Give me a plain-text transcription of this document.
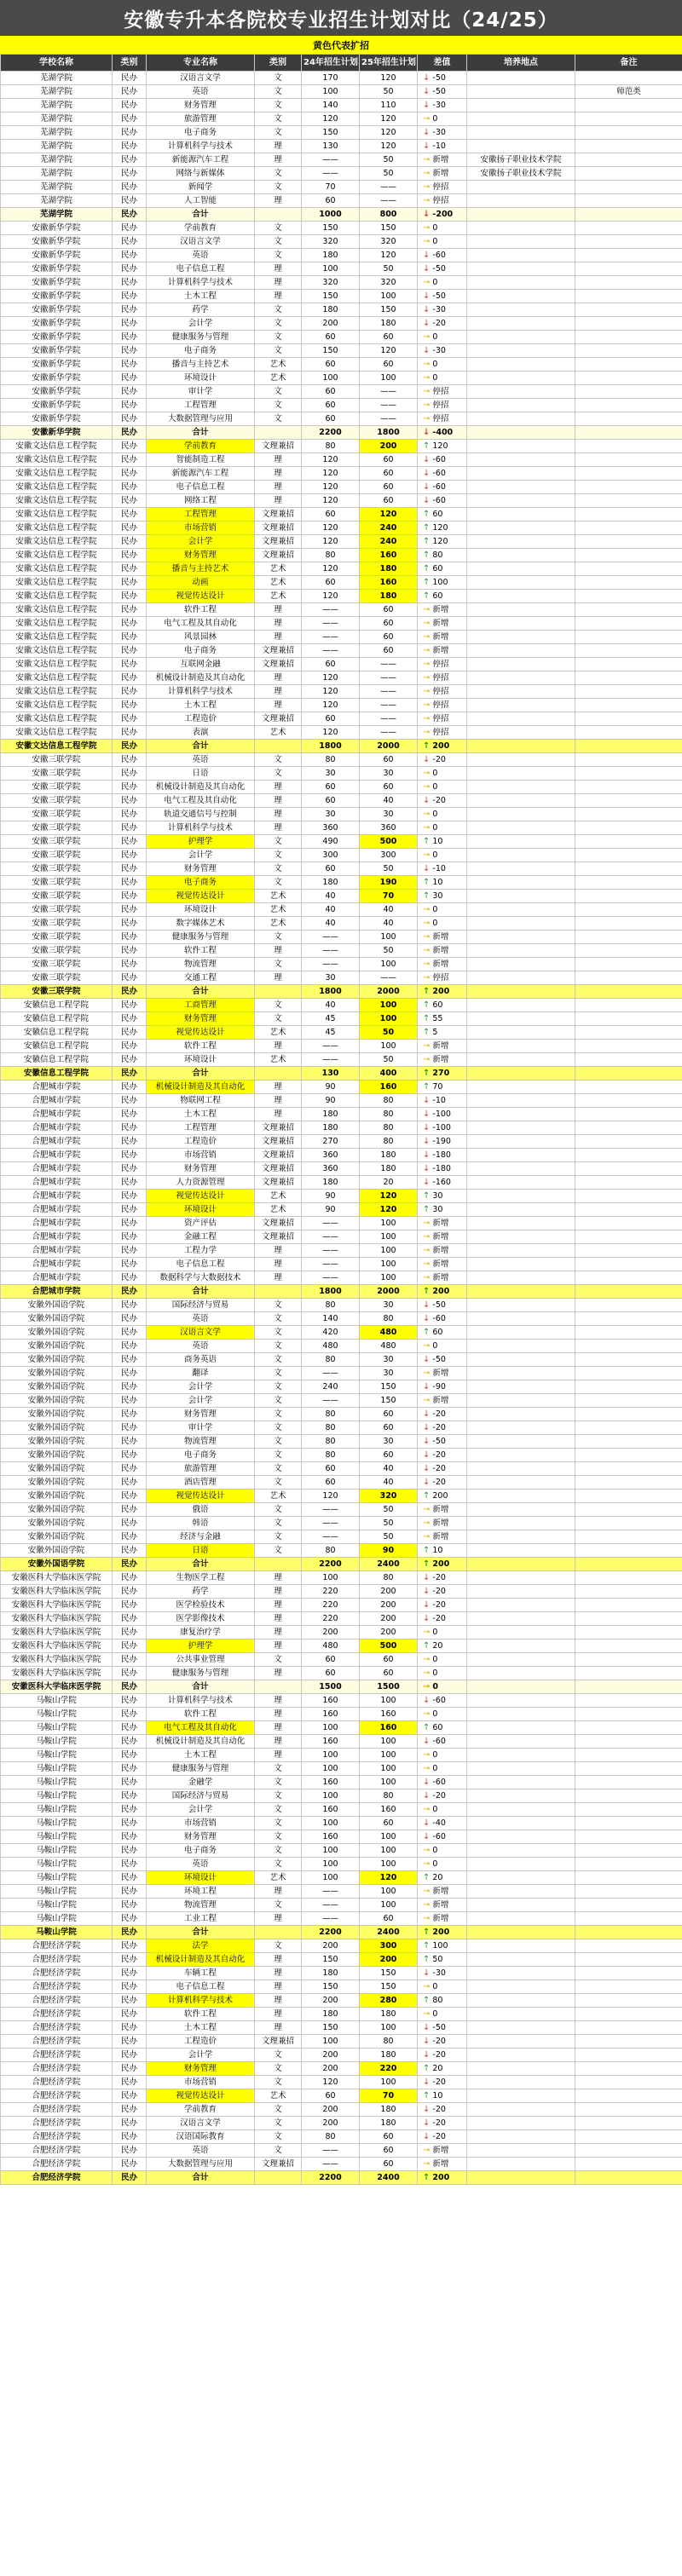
安徽专升本各院校专业招生计划对比（24/25）
黄色代表扩招
学校名称	类别	专业名称	类别	24年招生计划	25年招生计划	差值	培养地点	备注
芜湖学院	民办	汉语言文学	文	170	120	↓ -50		
芜湖学院	民办	英语	文	100	50	↓ -50		师范类
芜湖学院	民办	财务管理	文	140	110	↓ -30		
芜湖学院	民办	旅游管理	文	120	120	→ 0		
芜湖学院	民办	电子商务	文	150	120	↓ -30		
芜湖学院	民办	计算机科学与技术	理	130	120	↓ -10		
芜湖学院	民办	新能源汽车工程	理	——	50	→ 新增	安徽扬子职业技术学院	
芜湖学院	民办	网络与新媒体	文	——	50	→ 新增	安徽扬子职业技术学院	
芜湖学院	民办	新闻学	文	70	——	→ 停招		
芜湖学院	民办	人工智能	理	60	——	→ 停招		
芜湖学院	民办	合计		1000	800	↓ -200		
安徽新华学院	民办	学前教育	文	150	150	→ 0		
安徽新华学院	民办	汉语言文学	文	320	320	→ 0		
安徽新华学院	民办	英语	文	180	120	↓ -60		
安徽新华学院	民办	电子信息工程	理	100	50	↓ -50		
安徽新华学院	民办	计算机科学与技术	理	320	320	→ 0		
安徽新华学院	民办	土木工程	理	150	100	↓ -50		
安徽新华学院	民办	药学	文	180	150	↓ -30		
安徽新华学院	民办	会计学	文	200	180	↓ -20		
安徽新华学院	民办	健康服务与管理	文	60	60	→ 0		
安徽新华学院	民办	电子商务	文	150	120	↓ -30		
安徽新华学院	民办	播音与主持艺术	艺术	60	60	→ 0		
安徽新华学院	民办	环境设计	艺术	100	100	→ 0		
安徽新华学院	民办	审计学	文	60	——	→ 停招		
安徽新华学院	民办	工程管理	文	60	——	→ 停招		
安徽新华学院	民办	大数据管理与应用	文	60	——	→ 停招		
安徽新华学院	民办	合计		2200	1800	↓ -400		
安徽文达信息工程学院	民办	学前教育	文理兼招	80	200	↑ 120		
安徽文达信息工程学院	民办	智能制造工程	理	120	60	↓ -60		
安徽文达信息工程学院	民办	新能源汽车工程	理	120	60	↓ -60		
安徽文达信息工程学院	民办	电子信息工程	理	120	60	↓ -60		
安徽文达信息工程学院	民办	网络工程	理	120	60	↓ -60		
安徽文达信息工程学院	民办	工程管理	文理兼招	60	120	↑ 60		
安徽文达信息工程学院	民办	市场营销	文理兼招	120	240	↑ 120		
安徽文达信息工程学院	民办	会计学	文理兼招	120	240	↑ 120		
安徽文达信息工程学院	民办	财务管理	文理兼招	80	160	↑ 80		
安徽文达信息工程学院	民办	播音与主持艺术	艺术	120	180	↑ 60		
安徽文达信息工程学院	民办	动画	艺术	60	160	↑ 100		
安徽文达信息工程学院	民办	视觉传达设计	艺术	120	180	↑ 60		
安徽文达信息工程学院	民办	软件工程	理	——	60	→ 新增		
安徽文达信息工程学院	民办	电气工程及其自动化	理	——	60	→ 新增		
安徽文达信息工程学院	民办	风景园林	理	——	60	→ 新增		
安徽文达信息工程学院	民办	电子商务	文理兼招	——	60	→ 新增		
安徽文达信息工程学院	民办	互联网金融	文理兼招	60	——	→ 停招		
安徽文达信息工程学院	民办	机械设计制造及其自动化	理	120	——	→ 停招		
安徽文达信息工程学院	民办	计算机科学与技术	理	120	——	→ 停招		
安徽文达信息工程学院	民办	土木工程	理	120	——	→ 停招		
安徽文达信息工程学院	民办	工程造价	文理兼招	60	——	→ 停招		
安徽文达信息工程学院	民办	表演	艺术	120	——	→ 停招		
安徽文达信息工程学院	民办	合计		1800	2000	↑ 200		
安徽三联学院	民办	英语	文	80	60	↓ -20		
安徽三联学院	民办	日语	文	30	30	→ 0		
安徽三联学院	民办	机械设计制造及其自动化	理	60	60	→ 0		
安徽三联学院	民办	电气工程及其自动化	理	60	40	↓ -20		
安徽三联学院	民办	轨道交通信号与控制	理	30	30	→ 0		
安徽三联学院	民办	计算机科学与技术	理	360	360	→ 0		
安徽三联学院	民办	护理学	文	490	500	↑ 10		
安徽三联学院	民办	会计学	文	300	300	→ 0		
安徽三联学院	民办	财务管理	文	60	50	↓ -10		
安徽三联学院	民办	电子商务	文	180	190	↑ 10		
安徽三联学院	民办	视觉传达设计	艺术	40	70	↑ 30		
安徽三联学院	民办	环境设计	艺术	40	40	→ 0		
安徽三联学院	民办	数字媒体艺术	艺术	40	40	→ 0		
安徽三联学院	民办	健康服务与管理	文	——	100	→ 新增		
安徽三联学院	民办	软件工程	理	——	50	→ 新增		
安徽三联学院	民办	物流管理	文	——	100	→ 新增		
安徽三联学院	民办	交通工程	理	30	——	→ 停招		
安徽三联学院	民办	合计		1800	2000	↑ 200		
安徽信息工程学院	民办	工商管理	文	40	100	↑ 60		
安徽信息工程学院	民办	财务管理	文	45	100	↑ 55		
安徽信息工程学院	民办	视觉传达设计	艺术	45	50	↑ 5		
安徽信息工程学院	民办	软件工程	理	——	100	→ 新增		
安徽信息工程学院	民办	环境设计	艺术	——	50	→ 新增		
安徽信息工程学院	民办	合计		130	400	↑ 270		
合肥城市学院	民办	机械设计制造及其自动化	理	90	160	↑ 70		
合肥城市学院	民办	物联网工程	理	90	80	↓ -10		
合肥城市学院	民办	土木工程	理	180	80	↓ -100		
合肥城市学院	民办	工程管理	文理兼招	180	80	↓ -100		
合肥城市学院	民办	工程造价	文理兼招	270	80	↓ -190		
合肥城市学院	民办	市场营销	文理兼招	360	180	↓ -180		
合肥城市学院	民办	财务管理	文理兼招	360	180	↓ -180		
合肥城市学院	民办	人力资源管理	文理兼招	180	20	↓ -160		
合肥城市学院	民办	视觉传达设计	艺术	90	120	↑ 30		
合肥城市学院	民办	环境设计	艺术	90	120	↑ 30		
合肥城市学院	民办	资产评估	文理兼招	——	100	→ 新增		
合肥城市学院	民办	金融工程	文理兼招	——	100	→ 新增		
合肥城市学院	民办	工程力学	理	——	100	→ 新增		
合肥城市学院	民办	电子信息工程	理	——	100	→ 新增		
合肥城市学院	民办	数据科学与大数据技术	理	——	100	→ 新增		
合肥城市学院	民办	合计		1800	2000	↑ 200		
安徽外国语学院	民办	国际经济与贸易	文	80	30	↓ -50		
安徽外国语学院	民办	英语	文	140	80	↓ -60		
安徽外国语学院	民办	汉语言文学	文	420	480	↑ 60		
安徽外国语学院	民办	英语	文	480	480	→ 0		
安徽外国语学院	民办	商务英语	文	80	30	↓ -50		
安徽外国语学院	民办	翻译	文	——	30	→ 新增		
安徽外国语学院	民办	会计学	文	240	150	↓ -90		
安徽外国语学院	民办	会计学	文	——	150	→ 新增		
安徽外国语学院	民办	财务管理	文	80	60	↓ -20		
安徽外国语学院	民办	审计学	文	80	60	↓ -20		
安徽外国语学院	民办	物流管理	文	80	30	↓ -50		
安徽外国语学院	民办	电子商务	文	80	60	↓ -20		
安徽外国语学院	民办	旅游管理	文	60	40	↓ -20		
安徽外国语学院	民办	酒店管理	文	60	40	↓ -20		
安徽外国语学院	民办	视觉传达设计	艺术	120	320	↑ 200		
安徽外国语学院	民办	俄语	文	——	50	→ 新增		
安徽外国语学院	民办	韩语	文	——	50	→ 新增		
安徽外国语学院	民办	经济与金融	文	——	50	→ 新增		
安徽外国语学院	民办	日语	文	80	90	↑ 10		
安徽外国语学院	民办	合计		2200	2400	↑ 200		
安徽医科大学临床医学院	民办	生物医学工程	理	100	80	↓ -20		
安徽医科大学临床医学院	民办	药学	理	220	200	↓ -20		
安徽医科大学临床医学院	民办	医学检验技术	理	220	200	↓ -20		
安徽医科大学临床医学院	民办	医学影像技术	理	220	200	↓ -20		
安徽医科大学临床医学院	民办	康复治疗学	理	200	200	→ 0		
安徽医科大学临床医学院	民办	护理学	理	480	500	↑ 20		
安徽医科大学临床医学院	民办	公共事业管理	文	60	60	→ 0		
安徽医科大学临床医学院	民办	健康服务与管理	理	60	60	→ 0		
安徽医科大学临床医学院	民办	合计		1500	1500	→ 0		
马鞍山学院	民办	计算机科学与技术	理	160	100	↓ -60		
马鞍山学院	民办	软件工程	理	160	160	→ 0		
马鞍山学院	民办	电气工程及其自动化	理	100	160	↑ 60		
马鞍山学院	民办	机械设计制造及其自动化	理	160	100	↓ -60		
马鞍山学院	民办	土木工程	理	100	100	→ 0		
马鞍山学院	民办	健康服务与管理	文	100	100	→ 0		
马鞍山学院	民办	金融学	文	160	100	↓ -60		
马鞍山学院	民办	国际经济与贸易	文	100	80	↓ -20		
马鞍山学院	民办	会计学	文	160	160	→ 0		
马鞍山学院	民办	市场营销	文	100	60	↓ -40		
马鞍山学院	民办	财务管理	文	160	100	↓ -60		
马鞍山学院	民办	电子商务	文	100	100	→ 0		
马鞍山学院	民办	英语	文	100	100	→ 0		
马鞍山学院	民办	环境设计	艺术	100	120	↑ 20		
马鞍山学院	民办	环境工程	理	——	100	→ 新增		
马鞍山学院	民办	物流管理	文	——	100	→ 新增		
马鞍山学院	民办	工业工程	理	——	60	→ 新增		
马鞍山学院	民办	合计		2200	2400	↑ 200		
合肥经济学院	民办	法学	文	200	300	↑ 100		
合肥经济学院	民办	机械设计制造及其自动化	理	150	200	↑ 50		
合肥经济学院	民办	车辆工程	理	180	150	↓ -30		
合肥经济学院	民办	电子信息工程	理	150	150	→ 0		
合肥经济学院	民办	计算机科学与技术	理	200	280	↑ 80		
合肥经济学院	民办	软件工程	理	180	180	→ 0		
合肥经济学院	民办	土木工程	理	150	100	↓ -50		
合肥经济学院	民办	工程造价	文理兼招	100	80	↓ -20		
合肥经济学院	民办	会计学	文	200	180	↓ -20		
合肥经济学院	民办	财务管理	文	200	220	↑ 20		
合肥经济学院	民办	市场营销	文	120	100	↓ -20		
合肥经济学院	民办	视觉传达设计	艺术	60	70	↑ 10		
合肥经济学院	民办	学前教育	文	200	180	↓ -20		
合肥经济学院	民办	汉语言文学	文	200	180	↓ -20		
合肥经济学院	民办	汉语国际教育	文	80	60	↓ -20		
合肥经济学院	民办	英语	文	——	60	→ 新增		
合肥经济学院	民办	大数据管理与应用	文理兼招	——	60	→ 新增		
合肥经济学院	民办	合计		2200	2400	↑ 200		
